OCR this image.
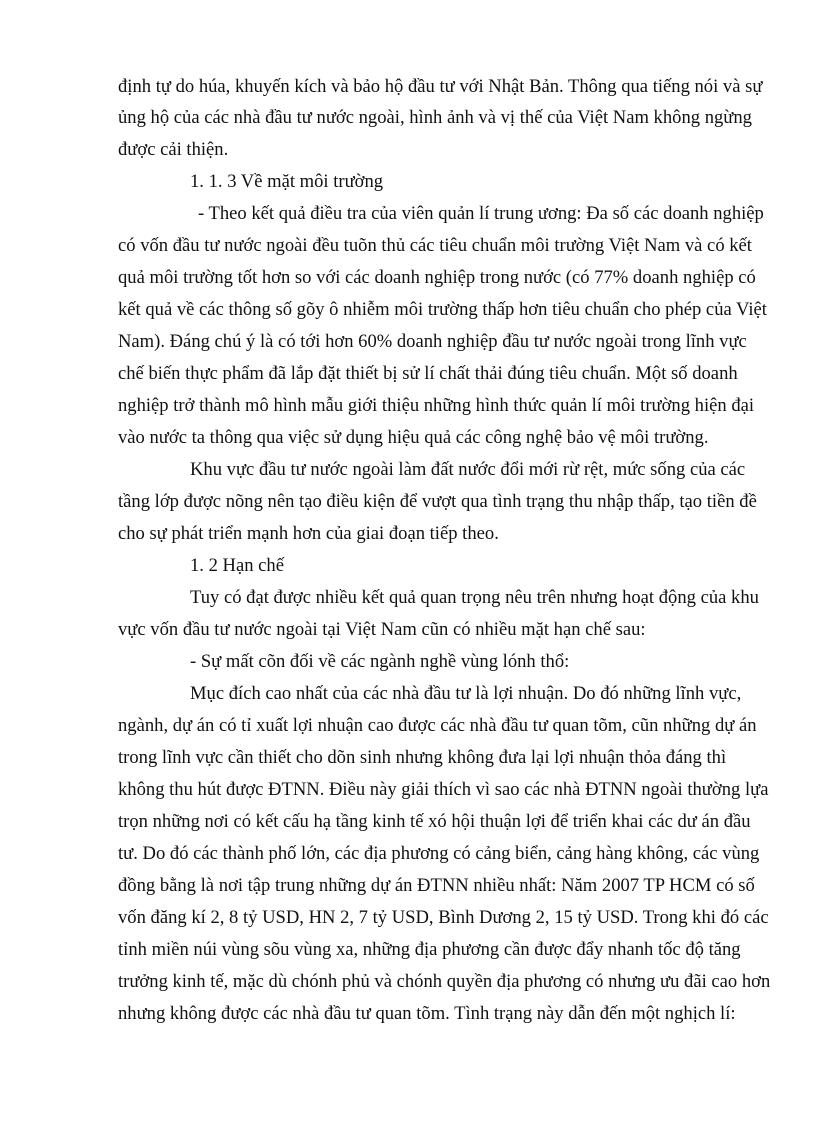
định tự do húa, khuyến kích và bảo hộ đầu tư với Nhật Bản. Thông qua tiếng nói và sự
ủng hộ của các nhà đầu tư nước ngoài, hình ảnh và vị thế của Việt Nam không ngừng
được cải thiện.
1. 1. 3 Về mặt môi trường
- Theo kết quả điều tra của viên quản lí trung ương: Đa số các doanh nghiệp
có vốn đầu tư nước ngoài đều tuõn thủ các tiêu chuẩn môi trường Việt Nam và có kết
quả môi trường tốt hơn so với các doanh nghiệp trong nước (có 77% doanh nghiệp có
kết quả về các thông số gõy ô nhiễm môi trường thấp hơn tiêu chuẩn cho phép của Việt
Nam). Đáng chú ý là có tới hơn 60% doanh nghiệp đầu tư nước ngoài trong lĩnh vực
chế biến thực phẩm đã lắp đặt thiết bị sử lí chất thải đúng tiêu chuẩn. Một số doanh
nghiệp trở thành mô hình mẫu giới thiệu những hình thức quản lí môi trường hiện đại
vào nước ta thông qua việc sử dụng hiệu quả các công nghệ bảo vệ môi trường.
Khu vực đầu tư nước ngoài làm đất nước đổi mới rừ rệt, mức sống của các
tầng lớp được nõng nên tạo điều kiện để vượt qua tình trạng thu nhập thấp, tạo tiền đề
cho sự phát triển mạnh hơn của giai đoạn tiếp theo.
1. 2 Hạn chế
Tuy có đạt được nhiều kết quả quan trọng nêu trên nhưng hoạt động của khu
vực vốn đầu tư nước ngoài tại Việt Nam cũn có nhiều mặt hạn chế sau:
- Sự mất cõn đối về các ngành nghề vùng lónh thổ:
Mục đích cao nhất của các nhà đầu tư là lợi nhuận. Do đó những lĩnh vực,
ngành, dự án có tỉ xuất lợi nhuận cao được các nhà đầu tư quan tõm, cũn những dự án
trong lĩnh vực cần thiết cho dõn sinh nhưng không đưa lại lợi nhuận thỏa đáng thì
không thu hút được ĐTNN. Điều này giải thích vì sao các nhà ĐTNN ngoài thường lựa
trọn những nơi có kết cấu hạ tầng kinh tế xó hội thuận lợi để triển khai các dư án đầu
tư. Do đó các thành phố lớn, các địa phương có cảng biển, cảng hàng không, các vùng
đồng bằng là nơi tập trung những dự án ĐTNN nhiều nhất: Năm 2007 TP HCM có số
vốn đăng kí 2, 8 tỷ USD, HN 2, 7 tỷ USD, Bình Dương 2, 15 tỷ USD. Trong khi đó các
tỉnh miền núi vùng sõu vùng xa, những địa phương cần được đẩy nhanh tốc độ tăng
trưởng kinh tế, mặc dù chónh phủ và chónh quyền địa phương có nhưng ưu đãi cao hơn
nhưng không được các nhà đầu tư quan tõm. Tình trạng này dẫn đến một nghịch lí:
